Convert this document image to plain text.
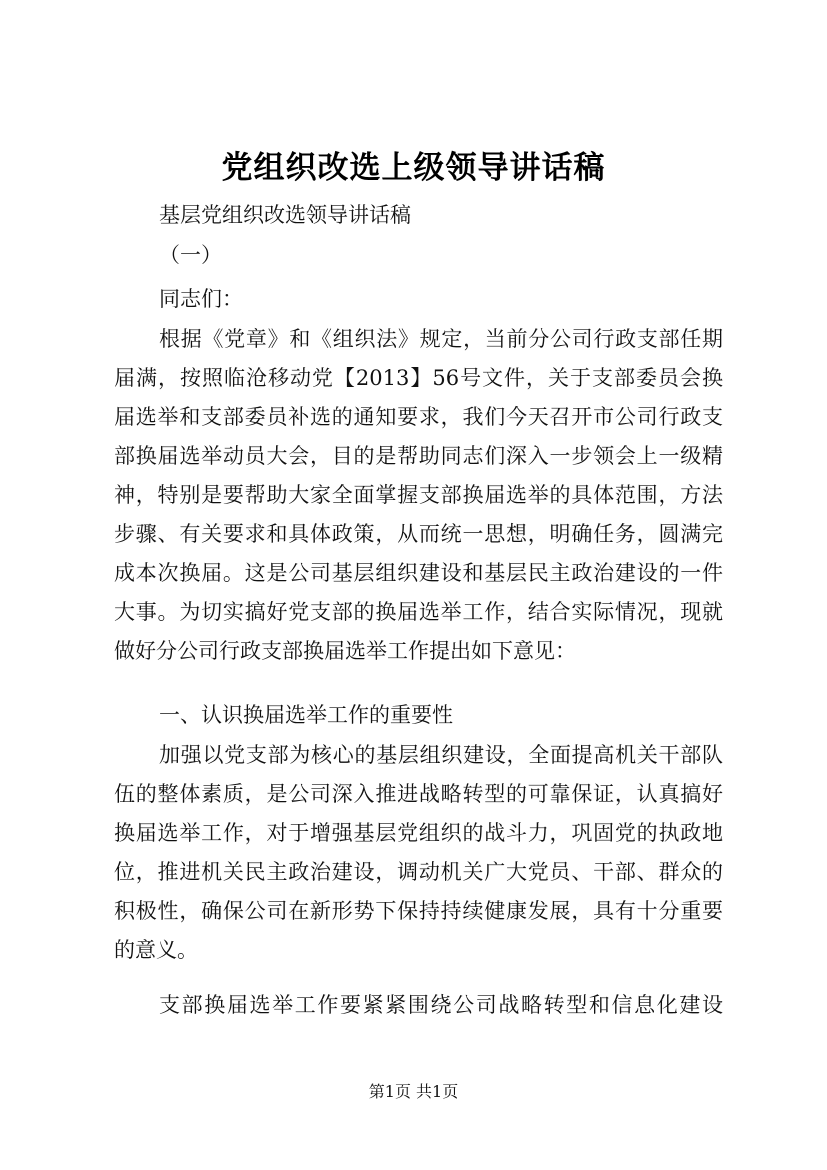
党组织改选上级领导讲话稿

基层党组织改选领导讲话稿

（一）

同志们：

根据《党章》和《组织法》规定，当前分公司行政支部任期

届满，按照临沧移动党【2013】56号文件，关于支部委员会换

届选举和支部委员补选的通知要求，我们今天召开市公司行政支

部换届选举动员大会，目的是帮助同志们深入一步领会上一级精

神，特别是要帮助大家全面掌握支部换届选举的具体范围，方法

步骤、有关要求和具体政策，从而统一思想，明确任务，圆满完

成本次换届。这是公司基层组织建设和基层民主政治建设的一件

大事。为切实搞好党支部的换届选举工作，结合实际情况，现就

做好分公司行政支部换届选举工作提出如下意见：

一、认识换届选举工作的重要性

加强以党支部为核心的基层组织建设，全面提高机关干部队

伍的整体素质，是公司深入推进战略转型的可靠保证，认真搞好

换届选举工作，对于增强基层党组织的战斗力，巩固党的执政地

位，推进机关民主政治建设，调动机关广大党员、干部、群众的

积极性，确保公司在新形势下保持持续健康发展，具有十分重要

的意义。

支部换届选举工作要紧紧围绕公司战略转型和信息化建设

第1页 共1页
